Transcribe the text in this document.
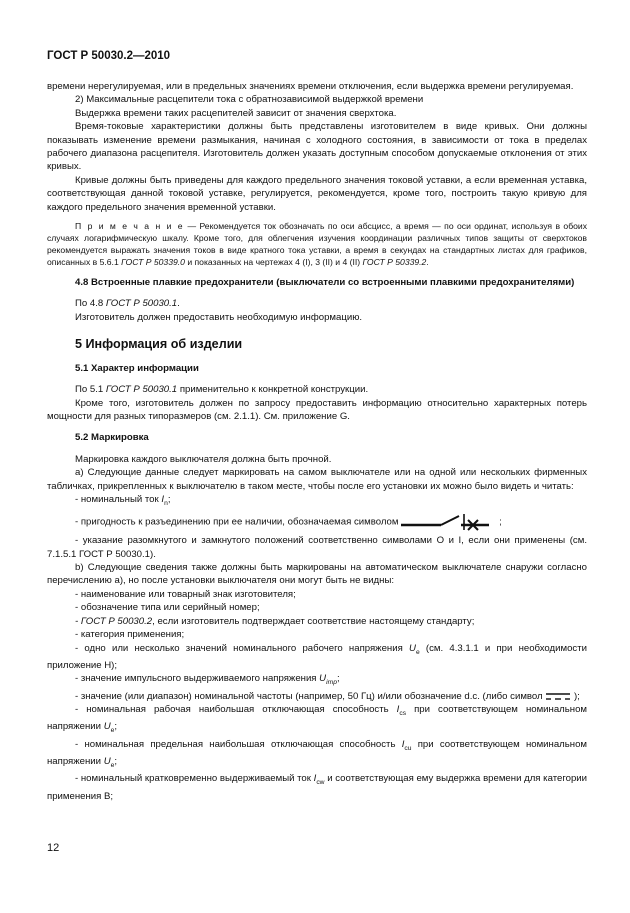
ГОСТ Р 50030.2—2010

времени нерегулируемая, или в предельных значениях времени отключения, если выдержка времени регулируемая.

2) Максимальные расцепители тока с обратнозависимой выдержкой времени

Выдержка времени таких расцепителей зависит от значения сверхтока.

Время-токовые характеристики должны быть представлены изготовителем в виде кривых. Они должны показывать изменение времени размыкания, начиная с холодного состояния, в зависимости от тока в пределах рабочего диапазона расцепителя. Изготовитель должен указать доступным способом допускаемые отклонения от этих кривых.

Кривые должны быть приведены для каждого предельного значения токовой уставки, а если временная уставка, соответствующая данной токовой уставке, регулируется, рекомендуется, кроме того, построить такую кривую для каждого предельного значения временной уставки.

П р и м е ч а н и е — Рекомендуется ток обозначать по оси абсцисс, а время — по оси ординат, используя в обоих случаях логарифмическую шкалу. Кроме того, для облегчения изучения координации различных типов защиты от сверхтоков рекомендуется выражать значения токов в виде кратного тока уставки, а время в секундах на стандартных листах для графиков, описанных в 5.6.1 ГОСТ Р 50339.0 и показанных на чертежах 4 (I), 3 (II) и 4 (II) ГОСТ Р 50339.2.

4.8 Встроенные плавкие предохранители (выключатели со встроенными плавкими предохранителями)

По 4.8 ГОСТ Р 50030.1.

Изготовитель должен предоставить необходимую информацию.

5 Информация об изделии

5.1 Характер информации

По 5.1 ГОСТ Р 50030.1 применительно к конкретной конструкции.

Кроме того, изготовитель должен по запросу предоставить информацию относительно характерных потерь мощности для разных типоразмеров (см. 2.1.1). См. приложение G.

5.2 Маркировка

Маркировка каждого выключателя должна быть прочной.

а) Следующие данные следует маркировать на самом выключателе или на одной или нескольких фирменных табличках, прикрепленных к выключателю в таком месте, чтобы после его установки их можно было видеть и читать:

- номинальный ток $I_n$;

- пригодность к разъединению при ее наличии, обозначаемая символом	;

- указание разомкнутого и замкнутого положений соответственно символами О и I, если они применены (см. 7.1.5.1 ГОСТ Р 50030.1).

b) Следующие сведения также должны быть маркированы на автоматическом выключателе снаружи согласно перечислению а), но после установки выключателя они могут быть не видны:

- наименование или товарный знак изготовителя;

- обозначение типа или серийный номер;

- ГОСТ Р 50030.2, если изготовитель подтверждает соответствие настоящему стандарту;

- категория применения;

- одно или несколько значений номинального рабочего напряжения $U_e$ (см. 4.3.1.1 и при необходимости приложение Н);

- значение импульсного выдерживаемого напряжения $U_{imp}$;

- значение (или диапазон) номинальной частоты (например, 50 Гц) и/или обозначение d.c. (либо символ	);

- номинальная рабочая наибольшая отключающая способность $I_{cs}$ при соответствующем номинальном напряжении $U_e$;

- номинальная предельная наибольшая отключающая способность $I_{cu}$ при соответствующем номинальном напряжении $U_e$;

- номинальный кратковременно выдерживаемый ток $I_{cw}$ и соответствующая ему выдержка времени для категории применения В;

12
